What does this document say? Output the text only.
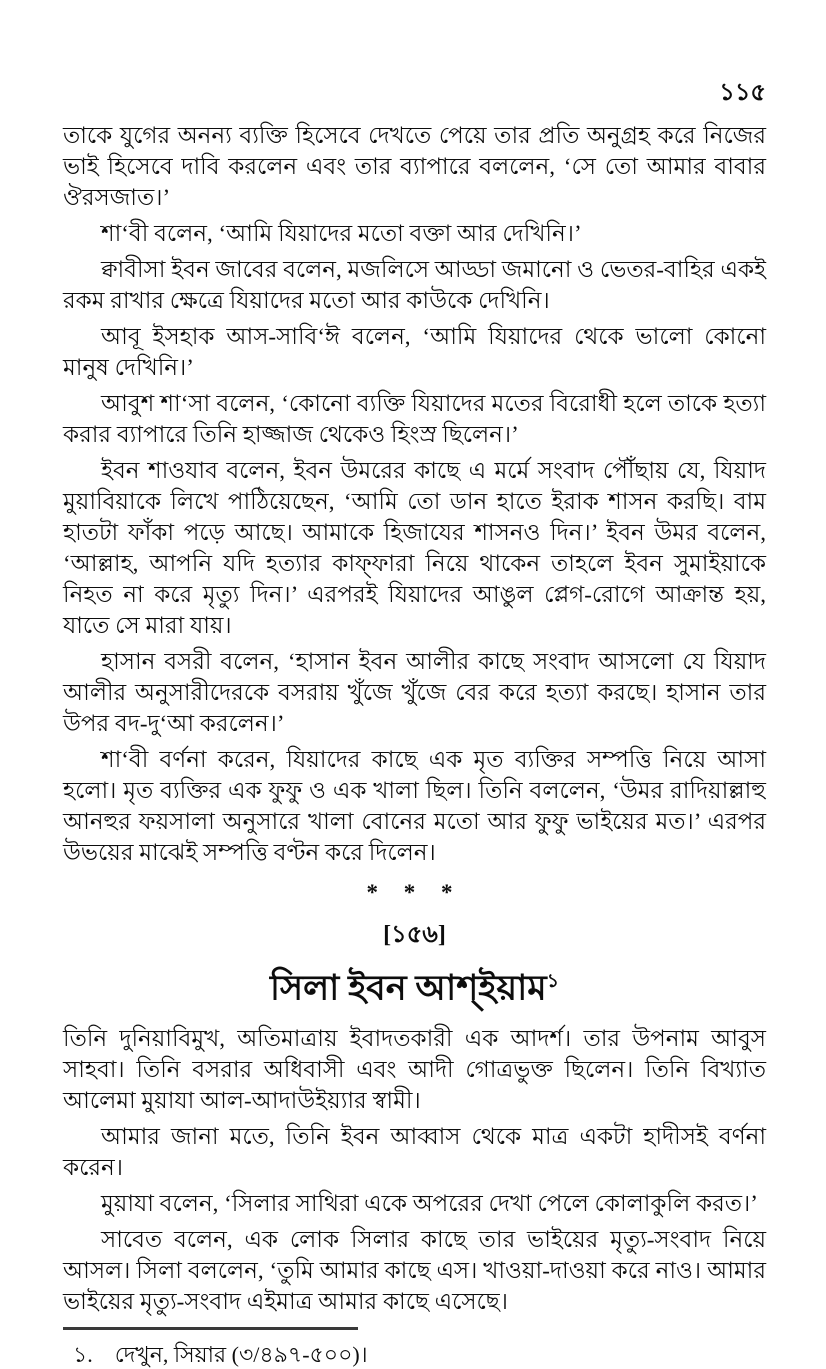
১১৫

তাকে যুগের অনন্য ব্যক্তি হিসেবে দেখতে পেয়ে তার প্রতি অনুগ্রহ করে নিজের ভাই হিসেবে দাবি করলেন এবং তার ব্যাপারে বললেন, ‘সে তো আমার বাবার ঔরসজাত।’

শা‘বী বলেন, ‘আমি যিয়াদের মতো বক্তা আর দেখিনি।’

ক্বাবীসা ইবন জাবের বলেন, মজলিসে আড্ডা জমানো ও ভেতর-বাহির একই রকম রাখার ক্ষেত্রে যিয়াদের মতো আর কাউকে দেখিনি।

আবূ ইসহাক আস-সাবি‘ঈ বলেন, ‘আমি যিয়াদের থেকে ভালো কোনো মানুষ দেখিনি।’

আবুশ শা‘সা বলেন, ‘কোনো ব্যক্তি যিয়াদের মতের বিরোধী হলে তাকে হত্যা করার ব্যাপারে তিনি হাজ্জাজ থেকেও হিংস্র ছিলেন।’

ইবন শাওযাব বলেন, ইবন উমরের কাছে এ মর্মে সংবাদ পৌঁছায় যে, যিয়াদ মুয়াবিয়াকে লিখে পাঠিয়েছেন, ‘আমি তো ডান হাতে ইরাক শাসন করছি। বাম হাতটা ফাঁকা পড়ে আছে। আমাকে হিজাযের শাসনও দিন।’ ইবন উমর বলেন, ‘আল্লাহ, আপনি যদি হত্যার কাফ্ফারা নিয়ে থাকেন তাহলে ইবন সুমাইয়াকে নিহত না করে মৃত্যু দিন।’ এরপরই যিয়াদের আঙুল প্লেগ-রোগে আক্রান্ত হয়, যাতে সে মারা যায়।

হাসান বসরী বলেন, ‘হাসান ইবন আলীর কাছে সংবাদ আসলো যে যিয়াদ আলীর অনুসারীদেরকে বসরায় খুঁজে খুঁজে বের করে হত্যা করছে। হাসান তার উপর বদ-দু‘আ করলেন।’

শা‘বী বর্ণনা করেন, যিয়াদের কাছে এক মৃত ব্যক্তির সম্পত্তি নিয়ে আসা হলো। মৃত ব্যক্তির এক ফুফু ও এক খালা ছিল। তিনি বললেন, ‘উমর রাদিয়াল্লাহু আনহুর ফয়সালা অনুসারে খালা বোনের মতো আর ফুফু ভাইয়ের মত।’ এরপর উভয়ের মাঝেই সম্পত্তি বণ্টন করে দিলেন।

* * *
[১৫৬]
সিলা ইবন আশ্ইয়াম$^১$

তিনি দুনিয়াবিমুখ, অতিমাত্রায় ইবাদতকারী এক আদর্শ। তার উপনাম আবুস সাহবা। তিনি বসরার অধিবাসী এবং আদী গোত্রভুক্ত ছিলেন। তিনি বিখ্যাত আলেমা মুয়াযা আল-আদাউইয়্যার স্বামী।

আমার জানা মতে, তিনি ইবন আব্বাস থেকে মাত্র একটা হাদীসই বর্ণনা করেন।

মুয়াযা বলেন, ‘সিলার সাথিরা একে অপরের দেখা পেলে কোলাকুলি করত।’

সাবেত বলেন, এক লোক সিলার কাছে তার ভাইয়ের মৃত্যু-সংবাদ নিয়ে আসল। সিলা বললেন, ‘তুমি আমার কাছে এস। খাওয়া-দাওয়া করে নাও। আমার ভাইয়ের মৃত্যু-সংবাদ এইমাত্র আমার কাছে এসেছে।

১.	দেখুন, সিয়ার (৩/৪৯৭-৫০০)।
